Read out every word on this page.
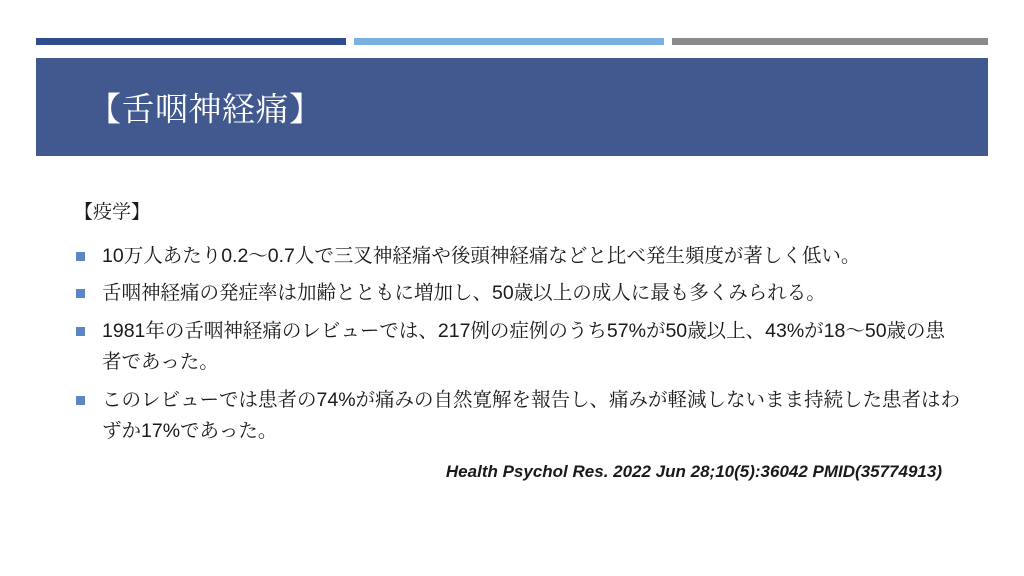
【舌咽神経痛】

【疫学】

10万人あたり0.2〜0.7人で三叉神経痛や後頭神経痛などと比べ発生頻度が著しく低い。
舌咽神経痛の発症率は加齢とともに増加し、50歳以上の成人に最も多くみられる。
1981年の舌咽神経痛のレビューでは、217例の症例のうち57%が50歳以上、43%が18〜50歳の患者であった。
このレビューでは患者の74%が痛みの自然寛解を報告し、痛みが軽減しないまま持続した患者はわずか17%であった。
Health Psychol Res. 2022 Jun 28;10(5):36042 PMID(35774913)
